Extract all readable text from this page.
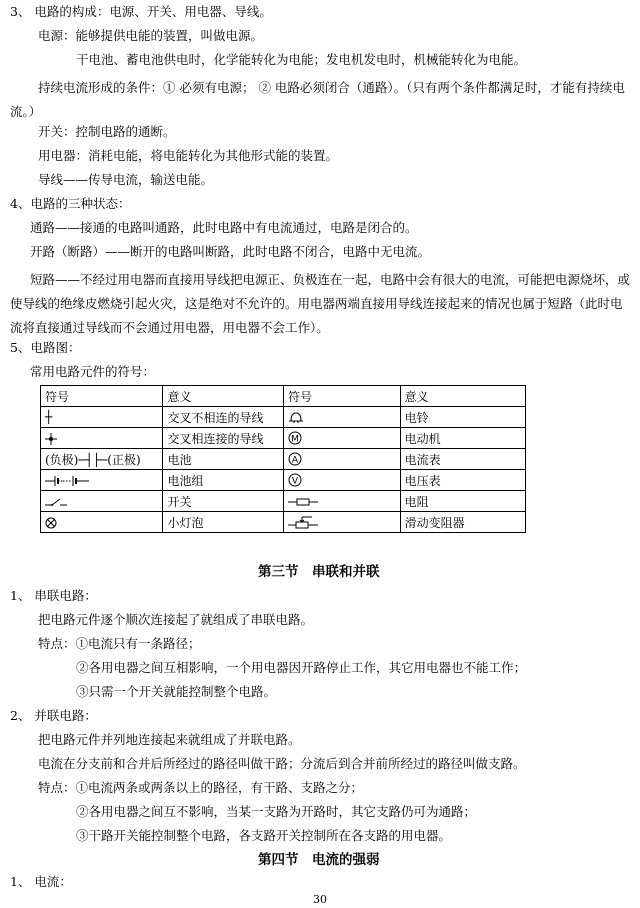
3、 电路的构成：电源、开关、用电器、导线。
电源：能够提供电能的装置，叫做电源。
干电池、蓄电池供电时，化学能转化为电能；发电机发电时，机械能转化为电能。
持续电流形成的条件：① 必须有电源； ② 电路必须闭合（通路）。（只有两个条件都满足时，才能有持续电流。）
开关：控制电路的通断。
用电器：消耗电能，将电能转化为其他形式能的装置。
导线——传导电流，输送电能。
4、电路的三种状态：
通路——接通的电路叫通路，此时电路中有电流通过，电路是闭合的。
开路（断路）——断开的电路叫断路，此时电路不闭合，电路中无电流。
短路——不经过用电器而直接用导线把电源正、负极连在一起，电路中会有很大的电流，可能把电源烧坏，或使导线的绝缘皮燃烧引起火灾，这是绝对不允许的。用电器两端直接用导线连接起来的情况也属于短路（此时电流将直接通过导线而不会通过用电器，用电器不会工作）。
5、电路图：
常用电路元件的符号：
符号	意义	符号	意义
┼	交叉不相连的导线		电铃
	交叉相连接的导线	M	电动机
(负极)─┤├─(正极)	电池	A	电流表
	电池组	V	电压表
	开关		电阻
	小灯泡		滑动变阻器
第三节　串联和并联
1、 串联电路：
把电路元件逐个顺次连接起了就组成了串联电路。
特点：①电流只有一条路径；
②各用电器之间互相影响，一个用电器因开路停止工作，其它用电器也不能工作；
③只需一个开关就能控制整个电路。
2、 并联电路：
把电路元件并列地连接起来就组成了并联电路。
电流在分支前和合并后所经过的路径叫做干路；分流后到合并前所经过的路径叫做支路。
特点：①电流两条或两条以上的路径，有干路、支路之分；
②各用电器之间互不影响，当某一支路为开路时，其它支路仍可为通路；
③干路开关能控制整个电路，各支路开关控制所在各支路的用电器。
第四节　电流的强弱
1、 电流：
30
